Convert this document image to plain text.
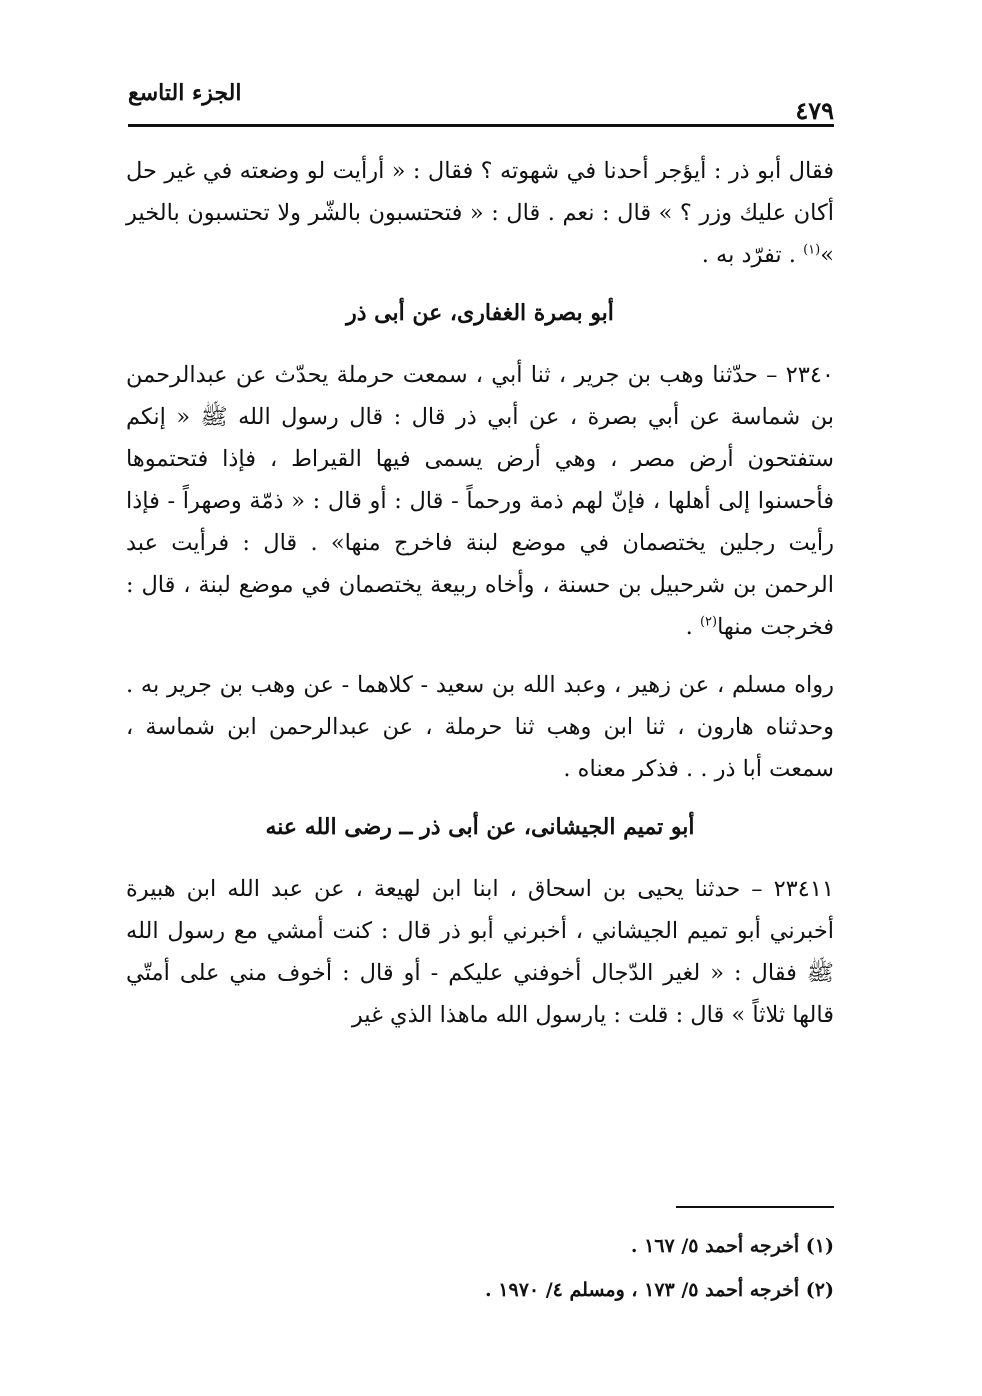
٤٧٩
الجزء التاسع

فقال أبو ذر : أيؤجر أحدنا في شهوته ؟ فقال : « أرأيت لو وضعته في غير حل أكان عليك وزر ؟ » قال : نعم . قال : « فتحتسبون بالشّر ولا تحتسبون بالخير »$^{(١)}$ . تفرّد به .

أبو بصرة الغفارى، عن أبى ذر

٢٣٤٠ – حدّثنا وهب بن جرير ، ثنا أبي ، سمعت حرملة يحدّث عن عبدالرحمن بن شماسة عن أبي بصرة ، عن أبي ذر قال : قال رسول الله ﷺ « إنكم ستفتحون أرض مصر ، وهي أرض يسمى فيها القيراط ، فإذا فتحتموها فأحسنوا إلى أهلها ، فإنّ لهم ذمة ورحماً - قال : أو قال : « ذمّة وصهراً - فإذا رأيت رجلين يختصمان في موضع لبنة فاخرج منها» . قال : فرأيت عبد الرحمن بن شرحبيل بن حسنة ، وأخاه ربيعة يختصمان في موضع لبنة ، قال : فخرجت منها$^{(٢)}$ .

رواه مسلم ، عن زهير ، وعبد الله بن سعيد - كلاهما - عن وهب بن جرير به . وحدثناه هارون ، ثنا ابن وهب ثنا حرملة ، عن عبدالرحمن ابن شماسة ، سمعت أبا ذر . . فذكر معناه .

أبو تميم الجيشانى، عن أبى ذر ــ رضى الله عنه

٢٣٤١١ – حدثنا يحيى بن اسحاق ، ابنا ابن لهيعة ، عن عبد الله ابن هبيرة أخبرني أبو تميم الجيشاني ، أخبرني أبو ذر قال : كنت أمشي مع رسول الله ﷺ فقال : « لغير الدّجال أخوفني عليكم - أو قال : أخوف مني على أمتّي قالها ثلاثاً » قال : قلت : يارسول الله ماهذا الذي غير

(١) أخرجه أحمد ٥/ ١٦٧ .
(٢) أخرجه أحمد ٥/ ١٧٣ ، ومسلم ٤/ ١٩٧٠ .
